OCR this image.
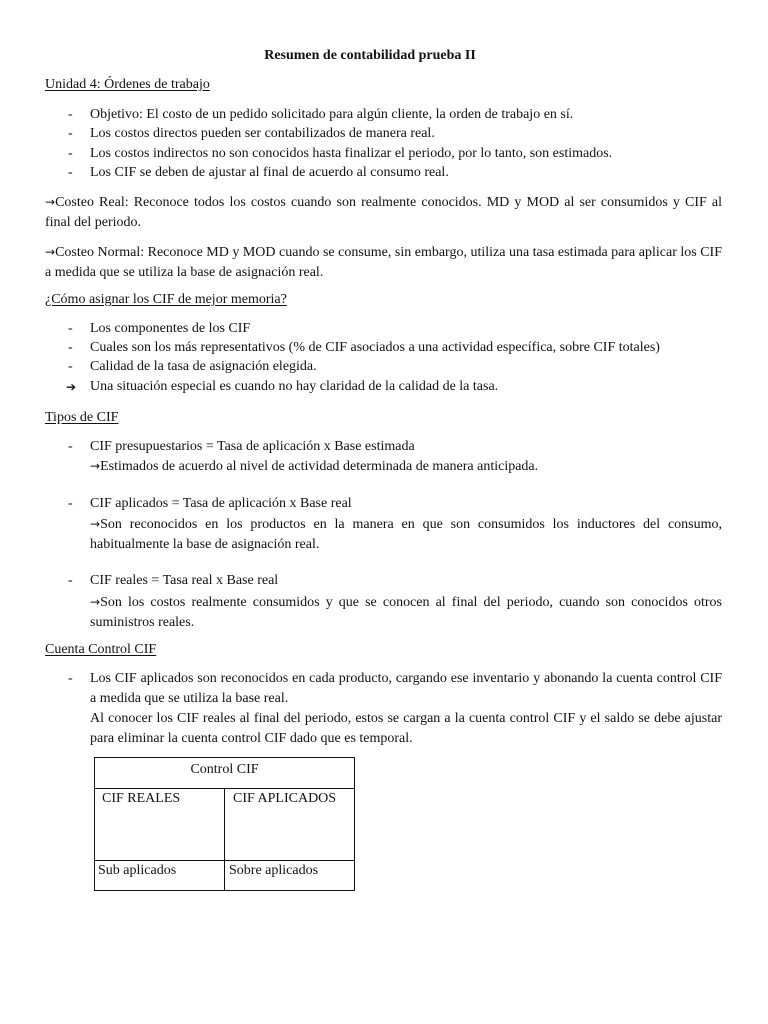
Resumen de contabilidad prueba II
Unidad 4: Órdenes de trabajo
- Objetivo: El costo de un pedido solicitado para algún cliente, la orden de trabajo en sí.
- Los costos directos pueden ser contabilizados de manera real.
- Los costos indirectos no son conocidos hasta finalizar el periodo, por lo tanto, son estimados.
- Los CIF se deben de ajustar al final de acuerdo al consumo real.
→Costeo Real: Reconoce todos los costos cuando son realmente conocidos. MD y MOD al ser consumidos y CIF al final del periodo.
→Costeo Normal: Reconoce MD y MOD cuando se consume, sin embargo, utiliza una tasa estimada para aplicar los CIF a medida que se utiliza la base de asignación real.
¿Cómo asignar los CIF de mejor memoria?
- Los componentes de los CIF
- Cuales son los más representativos (% de CIF asociados a una actividad específica, sobre CIF totales)
- Calidad de la tasa de asignación elegida.
➔ Una situación especial es cuando no hay claridad de la calidad de la tasa.
Tipos de CIF
- CIF presupuestarios = Tasa de aplicación x Base estimada
→Estimados de acuerdo al nivel de actividad determinada de manera anticipada.
- CIF aplicados = Tasa de aplicación x Base real
→Son reconocidos en los productos en la manera en que son consumidos los inductores del consumo, habitualmente la base de asignación real.
- CIF reales = Tasa real x Base real
→Son los costos realmente consumidos y que se conocen al final del periodo, cuando son conocidos otros suministros reales.
Cuenta Control CIF
- Los CIF aplicados son reconocidos en cada producto, cargando ese inventario y abonando la cuenta control CIF a medida que se utiliza la base real.
Al conocer los CIF reales al final del periodo, estos se cargan a la cuenta control CIF y el saldo se debe ajustar para eliminar la cuenta control CIF dado que es temporal.
Control CIF	
CIF REALES	CIF APLICADOS
Sub aplicados	Sobre aplicados
